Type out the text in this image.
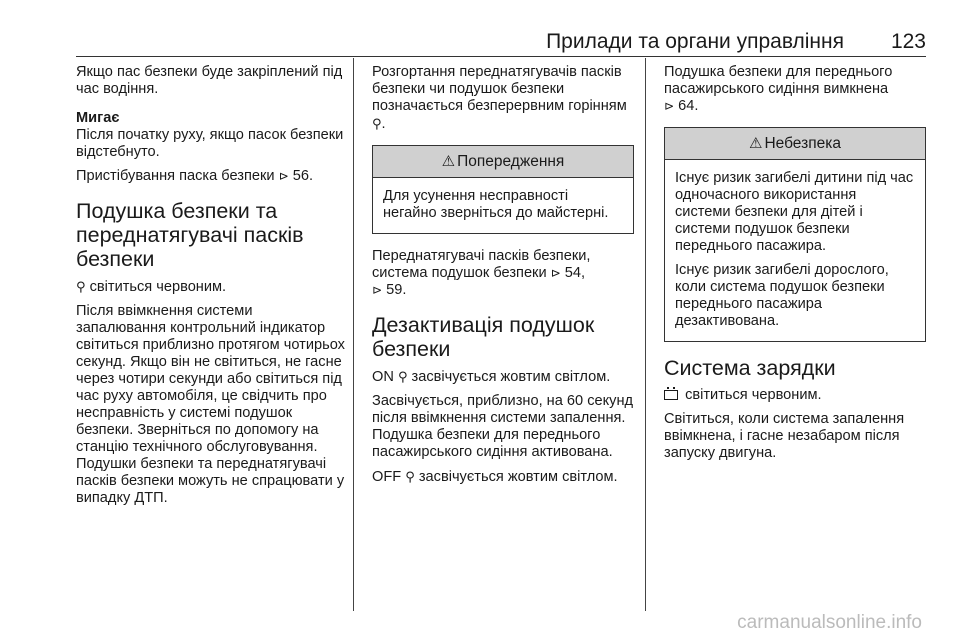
Прилади та органи управління 123

Якщо пас безпеки буде закріплений під час водіння.

Мигає

Після початку руху, якщо пасок безпеки відстебнуто.

Пристібування паска безпеки ⊳ 56.

Подушка безпеки та переднатягувачі пасків безпеки

⚲ світиться червоним.

Після ввімкнення системи запалювання контрольний індикатор світиться приблизно протягом чотирьох секунд. Якщо він не світиться, не гасне через чотири секунди або світиться під час руху автомобіля, це свідчить про несправність у системі подушок безпеки. Зверніться по допомогу на станцію технічного обслуговування. Подушки безпеки та переднатягувачі пасків безпеки можуть не спрацювати у випадку ДТП.

Розгортання переднатягувачів пасків безпеки чи подушок безпеки позначається безперервним горінням ⚲.

⚠ Попередження

Для усунення несправності негайно зверніться до майстерні.

Переднатягувачі пасків безпеки, система подушок безпеки ⊳ 54,
⊳ 59.

Дезактивація подушок безпеки

ON ⚲ засвічується жовтим світлом.

Засвічується, приблизно, на 60 секунд після ввімкнення системи запалення. Подушка безпеки для переднього пасажирського сидіння активована.

OFF ⚲ засвічується жовтим світлом.

Подушка безпеки для переднього пасажирського сидіння вимкнена
⊳ 64.

⚠ Небезпека

Існує ризик загибелі дитини під час одночасного використання системи безпеки для дітей і системи подушок безпеки переднього пасажира.

Існує ризик загибелі дорослого, коли система подушок безпеки переднього пасажира дезактивована.

Система зарядки

світиться червоним.

Світиться, коли система запалення ввімкнена, і гасне незабаром після запуску двигуна.

carmanualsonline.info
